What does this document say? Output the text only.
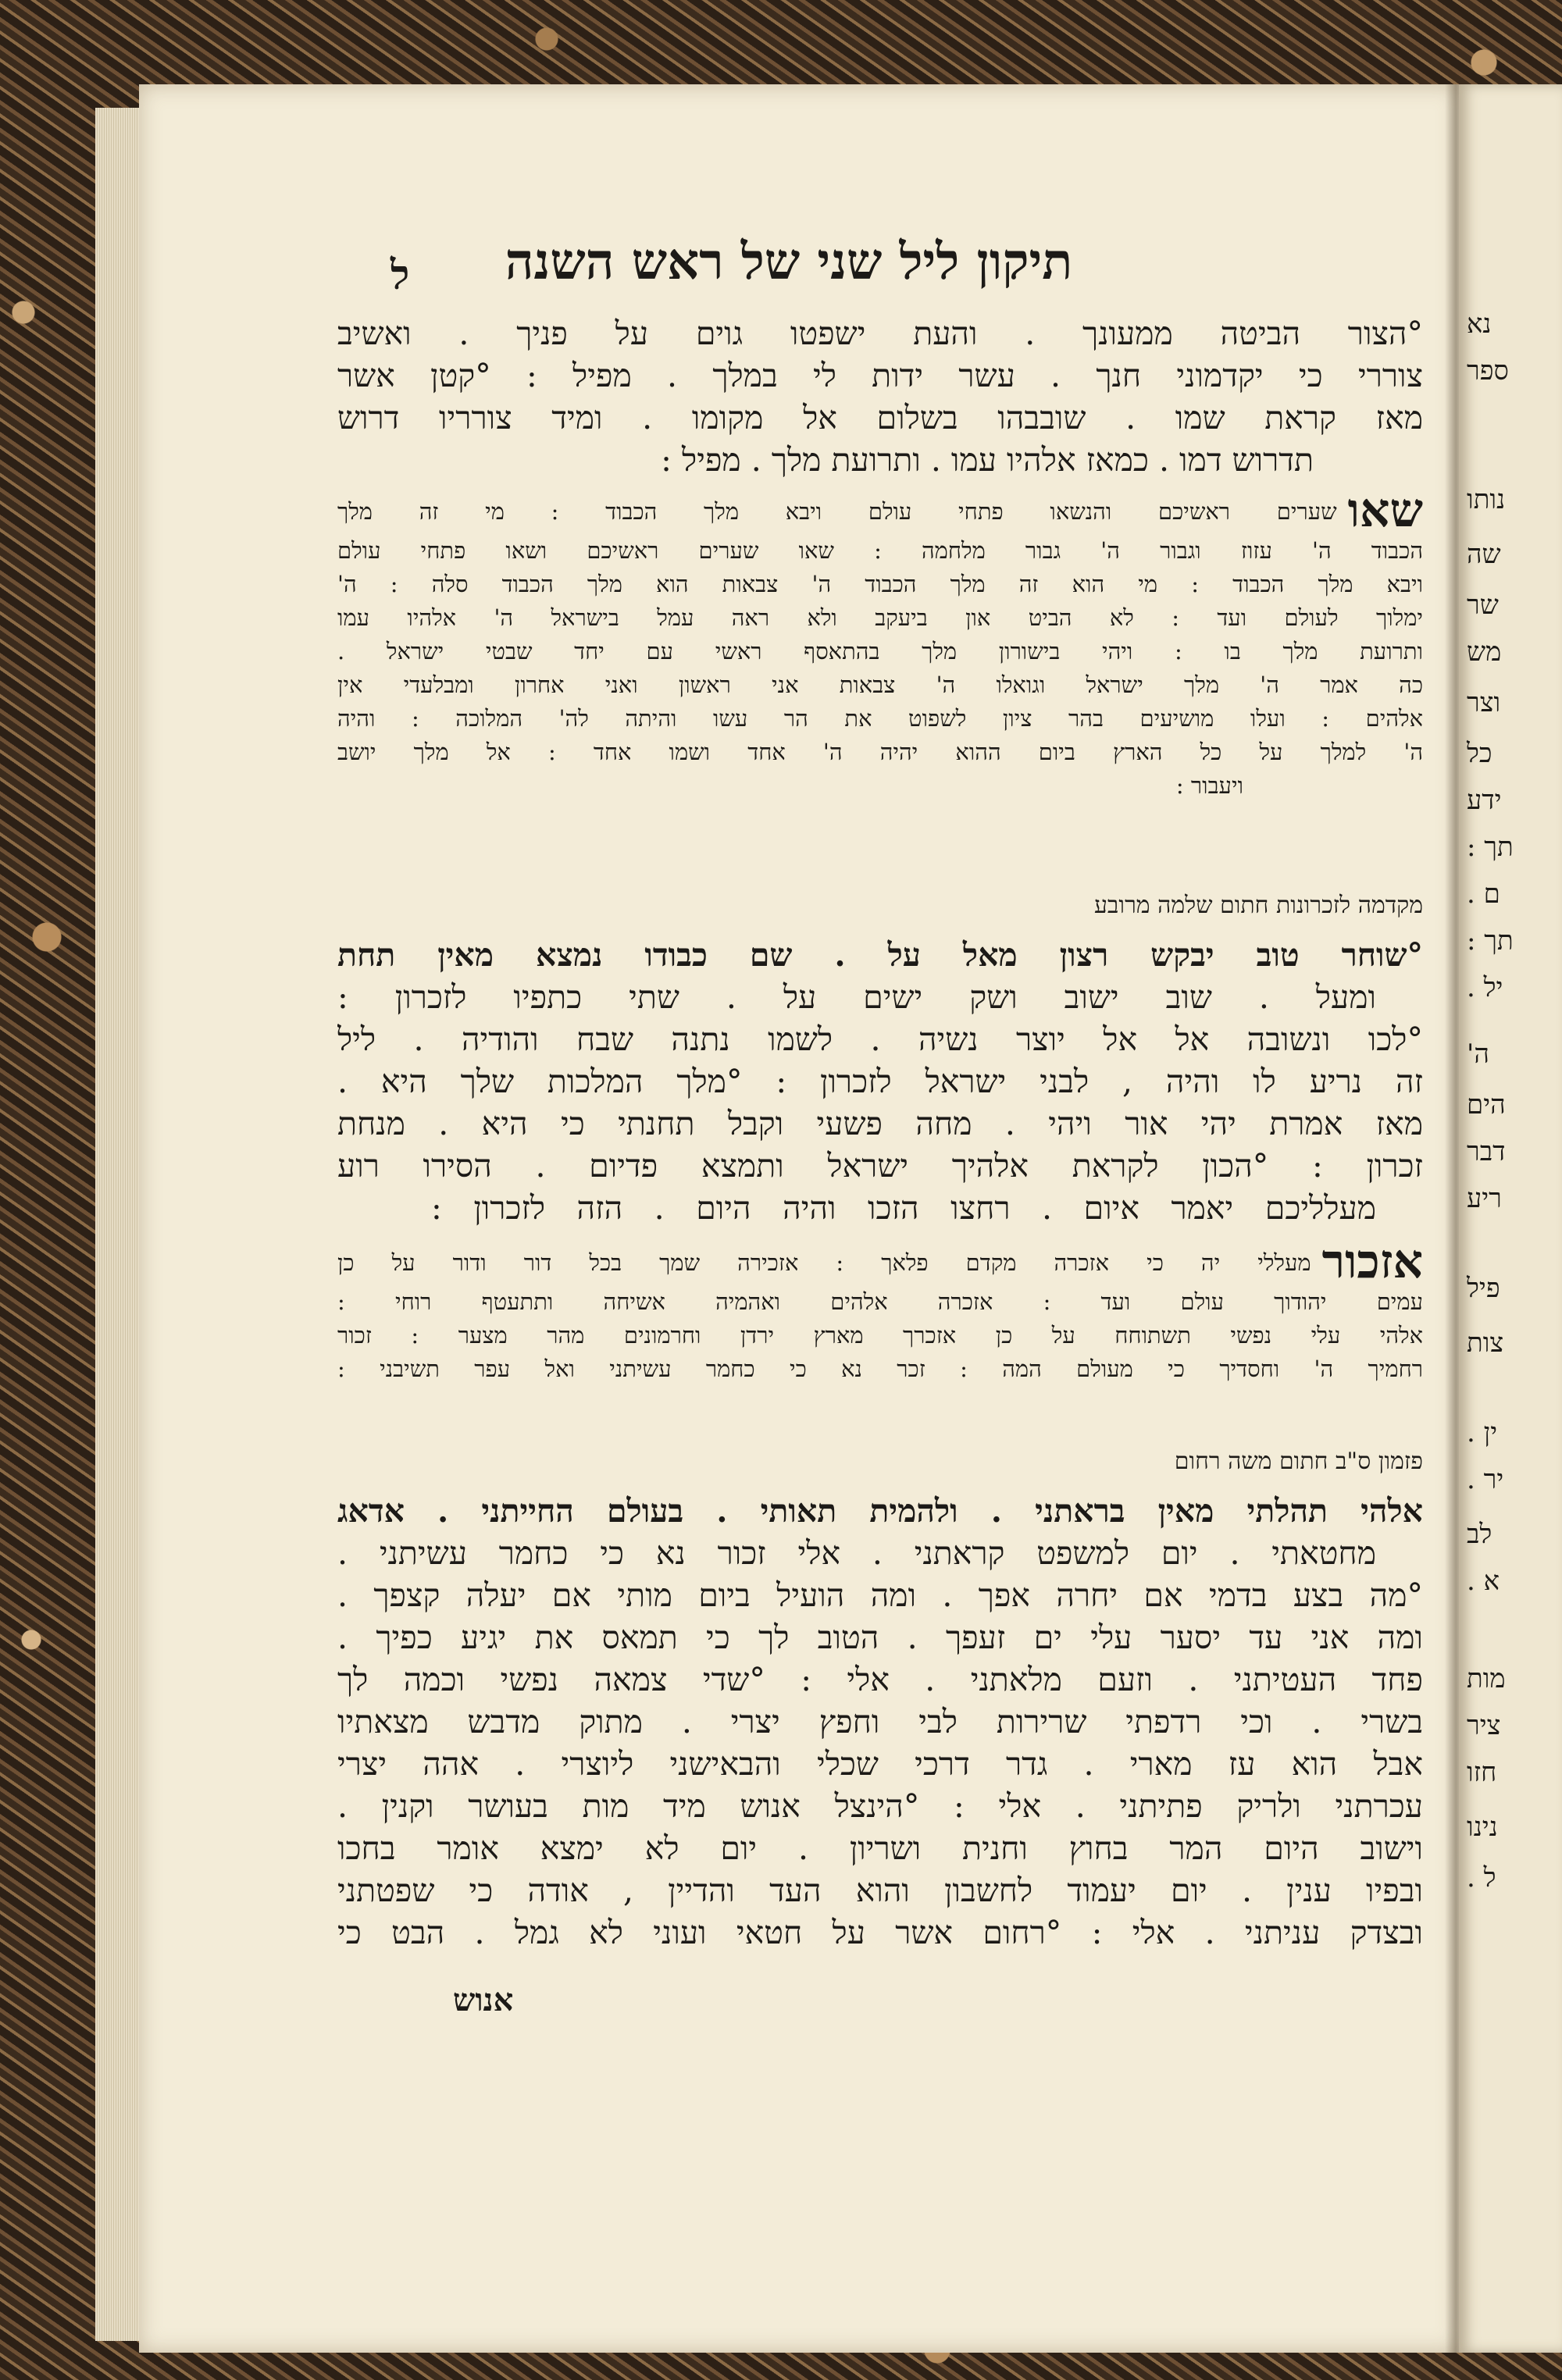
נא
ספר
נותו
שה
שר
מש
וצר
כל
ידע
תך :
ם .
תך :
יל .
ה'
הים
דבר
ריע
פיל
צות
ין .
יר .
לב
א .
מות
ציר
חזו
נינו
ל .
תיקון ליל שני של ראש השנה
ל
°הצור הביטה ממעונך . והעת ישפטו גוים על פניך . ואשיב
צוררי כי יקדמוני חנך . עשר ידות לי במלך . מפיל : °קטן אשר
מאז קראת שמו . שובבהו בשלום אל מקומו . ומיד צורריו דרוש
תדרוש דמו . כמאז אלהיו עמו . ותרועת מלך . מפיל :
שאו
שערים ראשיכם והנשאו פתחי עולם ויבא מלך הכבוד : מי זה מלך
הכבוד ה' עזוז וגבור ה' גבור מלחמה : שאו שערים ראשיכם ושאו פתחי עולם
ויבא מלך הכבוד : מי הוא זה מלך הכבוד ה' צבאות הוא מלך הכבוד סלה : ה'
ימלוך לעולם ועד : לא הביט און ביעקב ולא ראה עמל בישראל ה' אלהיו עמו
ותרועת מלך בו : ויהי בישורון מלך בהתאסף ראשי עם יחד שבטי ישראל .
כה אמר ה' מלך ישראל וגואלו ה' צבאות אני ראשון ואני אחרון ומבלעדי אין
אלהים : ועלו מושיעים בהר ציון לשפוט את הר עשו והיתה לה' המלוכה : והיה
ה' למלך על כל הארץ ביום ההוא יהיה ה' אחד ושמו אחד : אל מלך יושב
ויעבור :
מקדמה לזכרונות חתום שלמה מרובע
°שוחר טוב יבקש רצון מאל על . שם כבודו נמצא מאין תחת
ומעל . שוב ישוב ושק ישים על . שתי כתפיו לזכרון :
°לכו ונשובה אל אל יוצר נשיה . לשמו נתנה שבח והודיה . ליל
זה נריע לו והיה , לבני ישראל לזכרון : °מלך המלכות שלך היא .
מאז אמרת יהי אור ויהי . מחה פשעי וקבל תחנתי כי היא . מנחת
זכרון : °הכון לקראת אלהיך ישראל ותמצא פדיום . הסירו רוע
מעלליכם יאמר איום . רחצו הזכו והיה היום . הזה לזכרון :
אזכור
מעללי יה כי אזכרה מקדם פלאך : אזכירה שמך בכל דור ודור על כן
עמים יהודוך עולם ועד : אזכרה אלהים ואהמיה אשיחה ותתעטף רוחי :
אלהי עלי נפשי תשתוחח על כן אזכרך מארץ ירדן וחרמונים מהר מצער : זכור
רחמיך ה' וחסדיך כי מעולם המה : זכר נא כי כחמר עשיתני ואל עפר תשיבני :
פזמון ס"ב חתום משה רחום
אלהי תהלתי מאין בראתני . ולהמית תאותי . בעולם החייתני . אדאג
מחטאתי . יום למשפט קראתני . אלי זכור נא כי כחמר עשיתני .
°מה בצע בדמי אם יחרה אפך . ומה הועיל ביום מותי אם יעלה קצפך .
ומה אני עד יסער עלי ים זעפך . הטוב לך כי תמאס את יגיע כפיך .
פחד העטיתני . וזעם מלאתני . אלי : °שדי צמאה נפשי וכמה לך
בשרי . וכי רדפתי שרירות לבי וחפץ יצרי . מתוק מדבש מצאתיו
אבל הוא עז מארי . גדר דרכי שכלי והבאישני ליוצרי . אהה יצרי
עכרתני ולריק פתיתני . אלי : °הינצל אנוש מיד מות בעושר וקנין .
וישוב היום המר בחוץ וחנית ושריון . יום לא ימצא אומר בחכו
ובפיו ענין . יום יעמוד לחשבון והוא העד והדיין , אודה כי שפטתני
ובצדק עניתני . אלי : °רחום אשר על חטאי ועוני לא גמל . הבט כי
אנוש
